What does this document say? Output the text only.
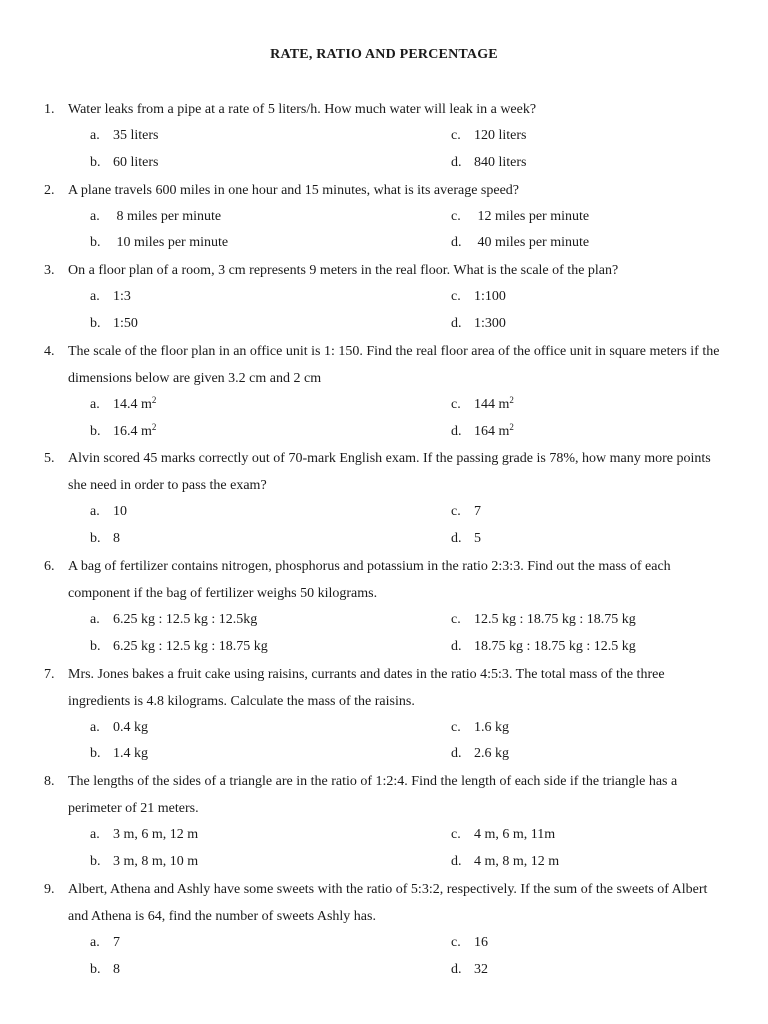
RATE, RATIO AND PERCENTAGE
1. Water leaks from a pipe at a rate of 5 liters/h. How much water will leak in a week?
a. 35 liters	c. 120 liters
b. 60 liters	d. 840 liters
2. A plane travels 600 miles in one hour and 15 minutes, what is its average speed?
a. 8 miles per minute	c. 12 miles per minute
b. 10 miles per minute	d. 40 miles per minute
3. On a floor plan of a room, 3 cm represents 9 meters in the real floor. What is the scale of the plan?
a. 1:3	c. 1:100
b. 1:50	d. 1:300
4. The scale of the floor plan in an office unit is 1: 150. Find the real floor area of the office unit in square meters if the dimensions below are given 3.2 cm and 2 cm
a. 14.4 $m^2$	c. 144 $m^2$
b. 16.4 $m^2$	d. 164 $m^2$
5. Alvin scored 45 marks correctly out of 70-mark English exam. If the passing grade is 78%, how many more points she need in order to pass the exam?
a. 10	c. 7
b. 8	d. 5
6. A bag of fertilizer contains nitrogen, phosphorus and potassium in the ratio 2:3:3. Find out the mass of each component if the bag of fertilizer weighs 50 kilograms.
a. 6.25 kg : 12.5 kg : 12.5kg	c. 12.5 kg : 18.75 kg : 18.75 kg
b. 6.25 kg : 12.5 kg : 18.75 kg	d. 18.75 kg : 18.75 kg : 12.5 kg
7. Mrs. Jones bakes a fruit cake using raisins, currants and dates in the ratio 4:5:3. The total mass of the three ingredients is 4.8 kilograms. Calculate the mass of the raisins.
a. 0.4 kg	c. 1.6 kg
b. 1.4 kg	d. 2.6 kg
8. The lengths of the sides of a triangle are in the ratio of 1:2:4. Find the length of each side if the triangle has a perimeter of 21 meters.
a. 3 m, 6 m, 12 m	c. 4 m, 6 m, 11m
b. 3 m, 8 m, 10 m	d. 4 m, 8 m, 12 m
9. Albert, Athena and Ashly have some sweets with the ratio of 5:3:2, respectively. If the sum of the sweets of Albert and Athena is 64, find the number of sweets Ashly has.
a. 7	c. 16
b. 8	d. 32
